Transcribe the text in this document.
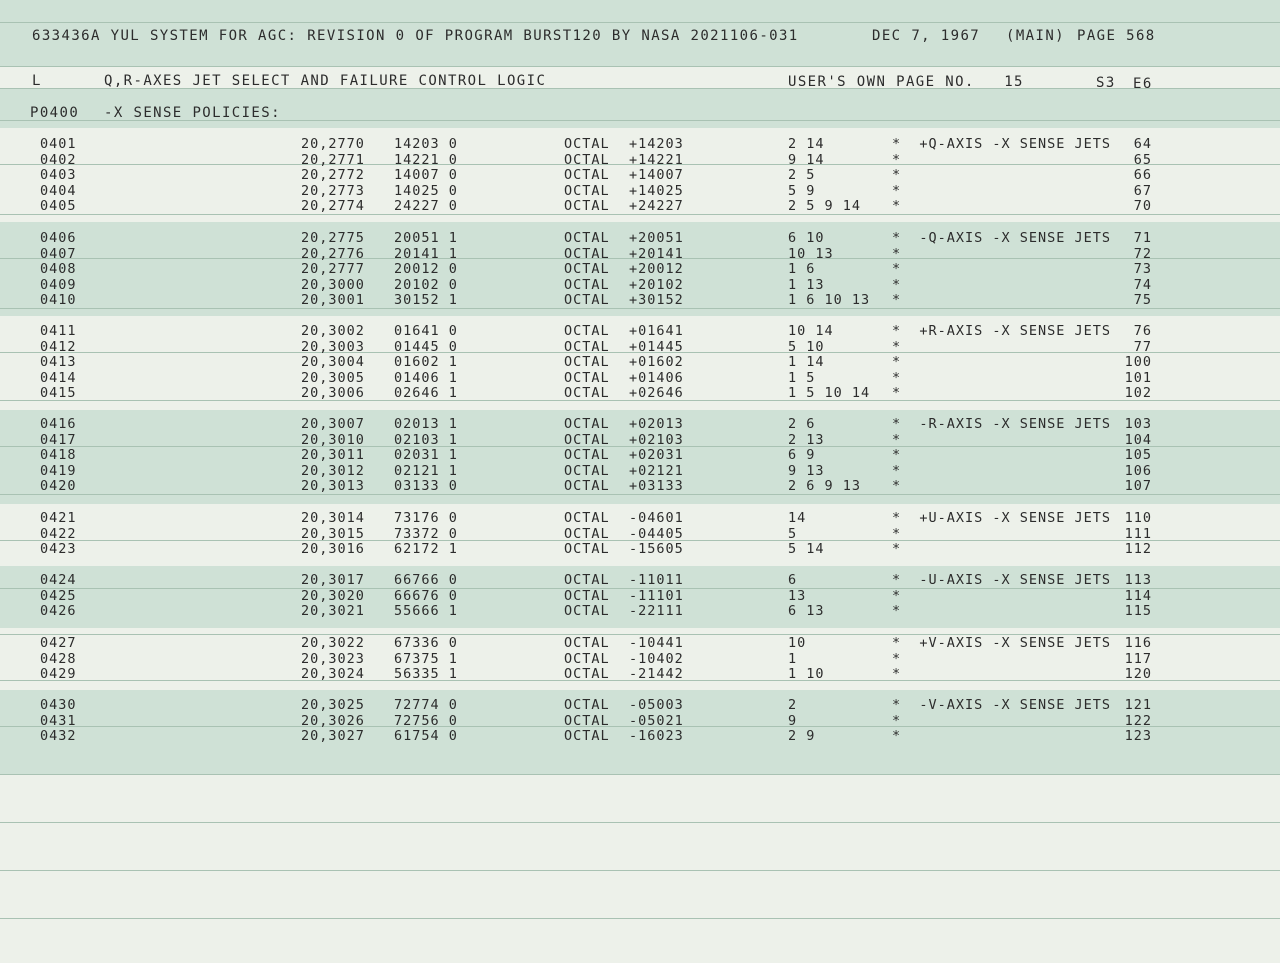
633436A YUL SYSTEM FOR AGC: REVISION 0 OF PROGRAM BURST120 BY NASA 2021106-031	DEC 7, 1967 (MAIN) PAGE 568
L	Q,R-AXES JET SELECT AND FAILURE CONTROL LOGIC	USER'S OWN PAGE NO.   15	S3 E6
P0400 -X SENSE POLICIES:
0401	20,2770 14203 0	OCTAL +14203	2 14	*  +Q-AXIS -X SENSE JETS 64
0402	20,2771 14221 0	OCTAL +14221	9 14	*	65
0403	20,2772 14007 0	OCTAL +14007	2 5	*	66
0404	20,2773 14025 0	OCTAL +14025	5 9	*	67
0405	20,2774 24227 0	OCTAL +24227	2 5 9 14 *	70
0406	20,2775 20051 1	OCTAL +20051	6 10	*  -Q-AXIS -X SENSE JETS 71
0407	20,2776 20141 1	OCTAL +20141	10 13	*	72
0408	20,2777 20012 0	OCTAL +20012	1 6	*	73
0409	20,3000 20102 0	OCTAL +20102	1 13	*	74
0410	20,3001 30152 1	OCTAL +30152	1 6 10 13 *	75
0411	20,3002 01641 0	OCTAL +01641	10 14	*  +R-AXIS -X SENSE JETS 76
0412	20,3003 01445 0	OCTAL +01445	5 10	*	77
0413	20,3004 01602 1	OCTAL +01602	1 14	*	100
0414	20,3005 01406 1	OCTAL +01406	1 5	*	101
0415	20,3006 02646 1	OCTAL +02646	1 5 10 14 *	102
0416	20,3007 02013 1	OCTAL +02013	2 6	*  -R-AXIS -X SENSE JETS 103
0417	20,3010 02103 1	OCTAL +02103	2 13	*	104
0418	20,3011 02031 1	OCTAL +02031	6 9	*	105
0419	20,3012 02121 1	OCTAL +02121	9 13	*	106
0420	20,3013 03133 0	OCTAL +03133	2 6 9 13 *	107
0421	20,3014 73176 0	OCTAL -04601	14	*  +U-AXIS -X SENSE JETS 110
0422	20,3015 73372 0	OCTAL -04405	5	*	111
0423	20,3016 62172 1	OCTAL -15605	5 14	*	112
0424	20,3017 66766 0	OCTAL -11011	6	*  -U-AXIS -X SENSE JETS 113
0425	20,3020 66676 0	OCTAL -11101	13	*	114
0426	20,3021 55666 1	OCTAL -22111	6 13	*	115
0427	20,3022 67336 0	OCTAL -10441	10	*  +V-AXIS -X SENSE JETS 116
0428	20,3023 67375 1	OCTAL -10402	1	*	117
0429	20,3024 56335 1	OCTAL -21442	1 10	*	120
0430	20,3025 72774 0	OCTAL -05003	2	*  -V-AXIS -X SENSE JETS 121
0431	20,3026 72756 0	OCTAL -05021	9	*	122
0432	20,3027 61754 0	OCTAL -16023	2 9	*	123
